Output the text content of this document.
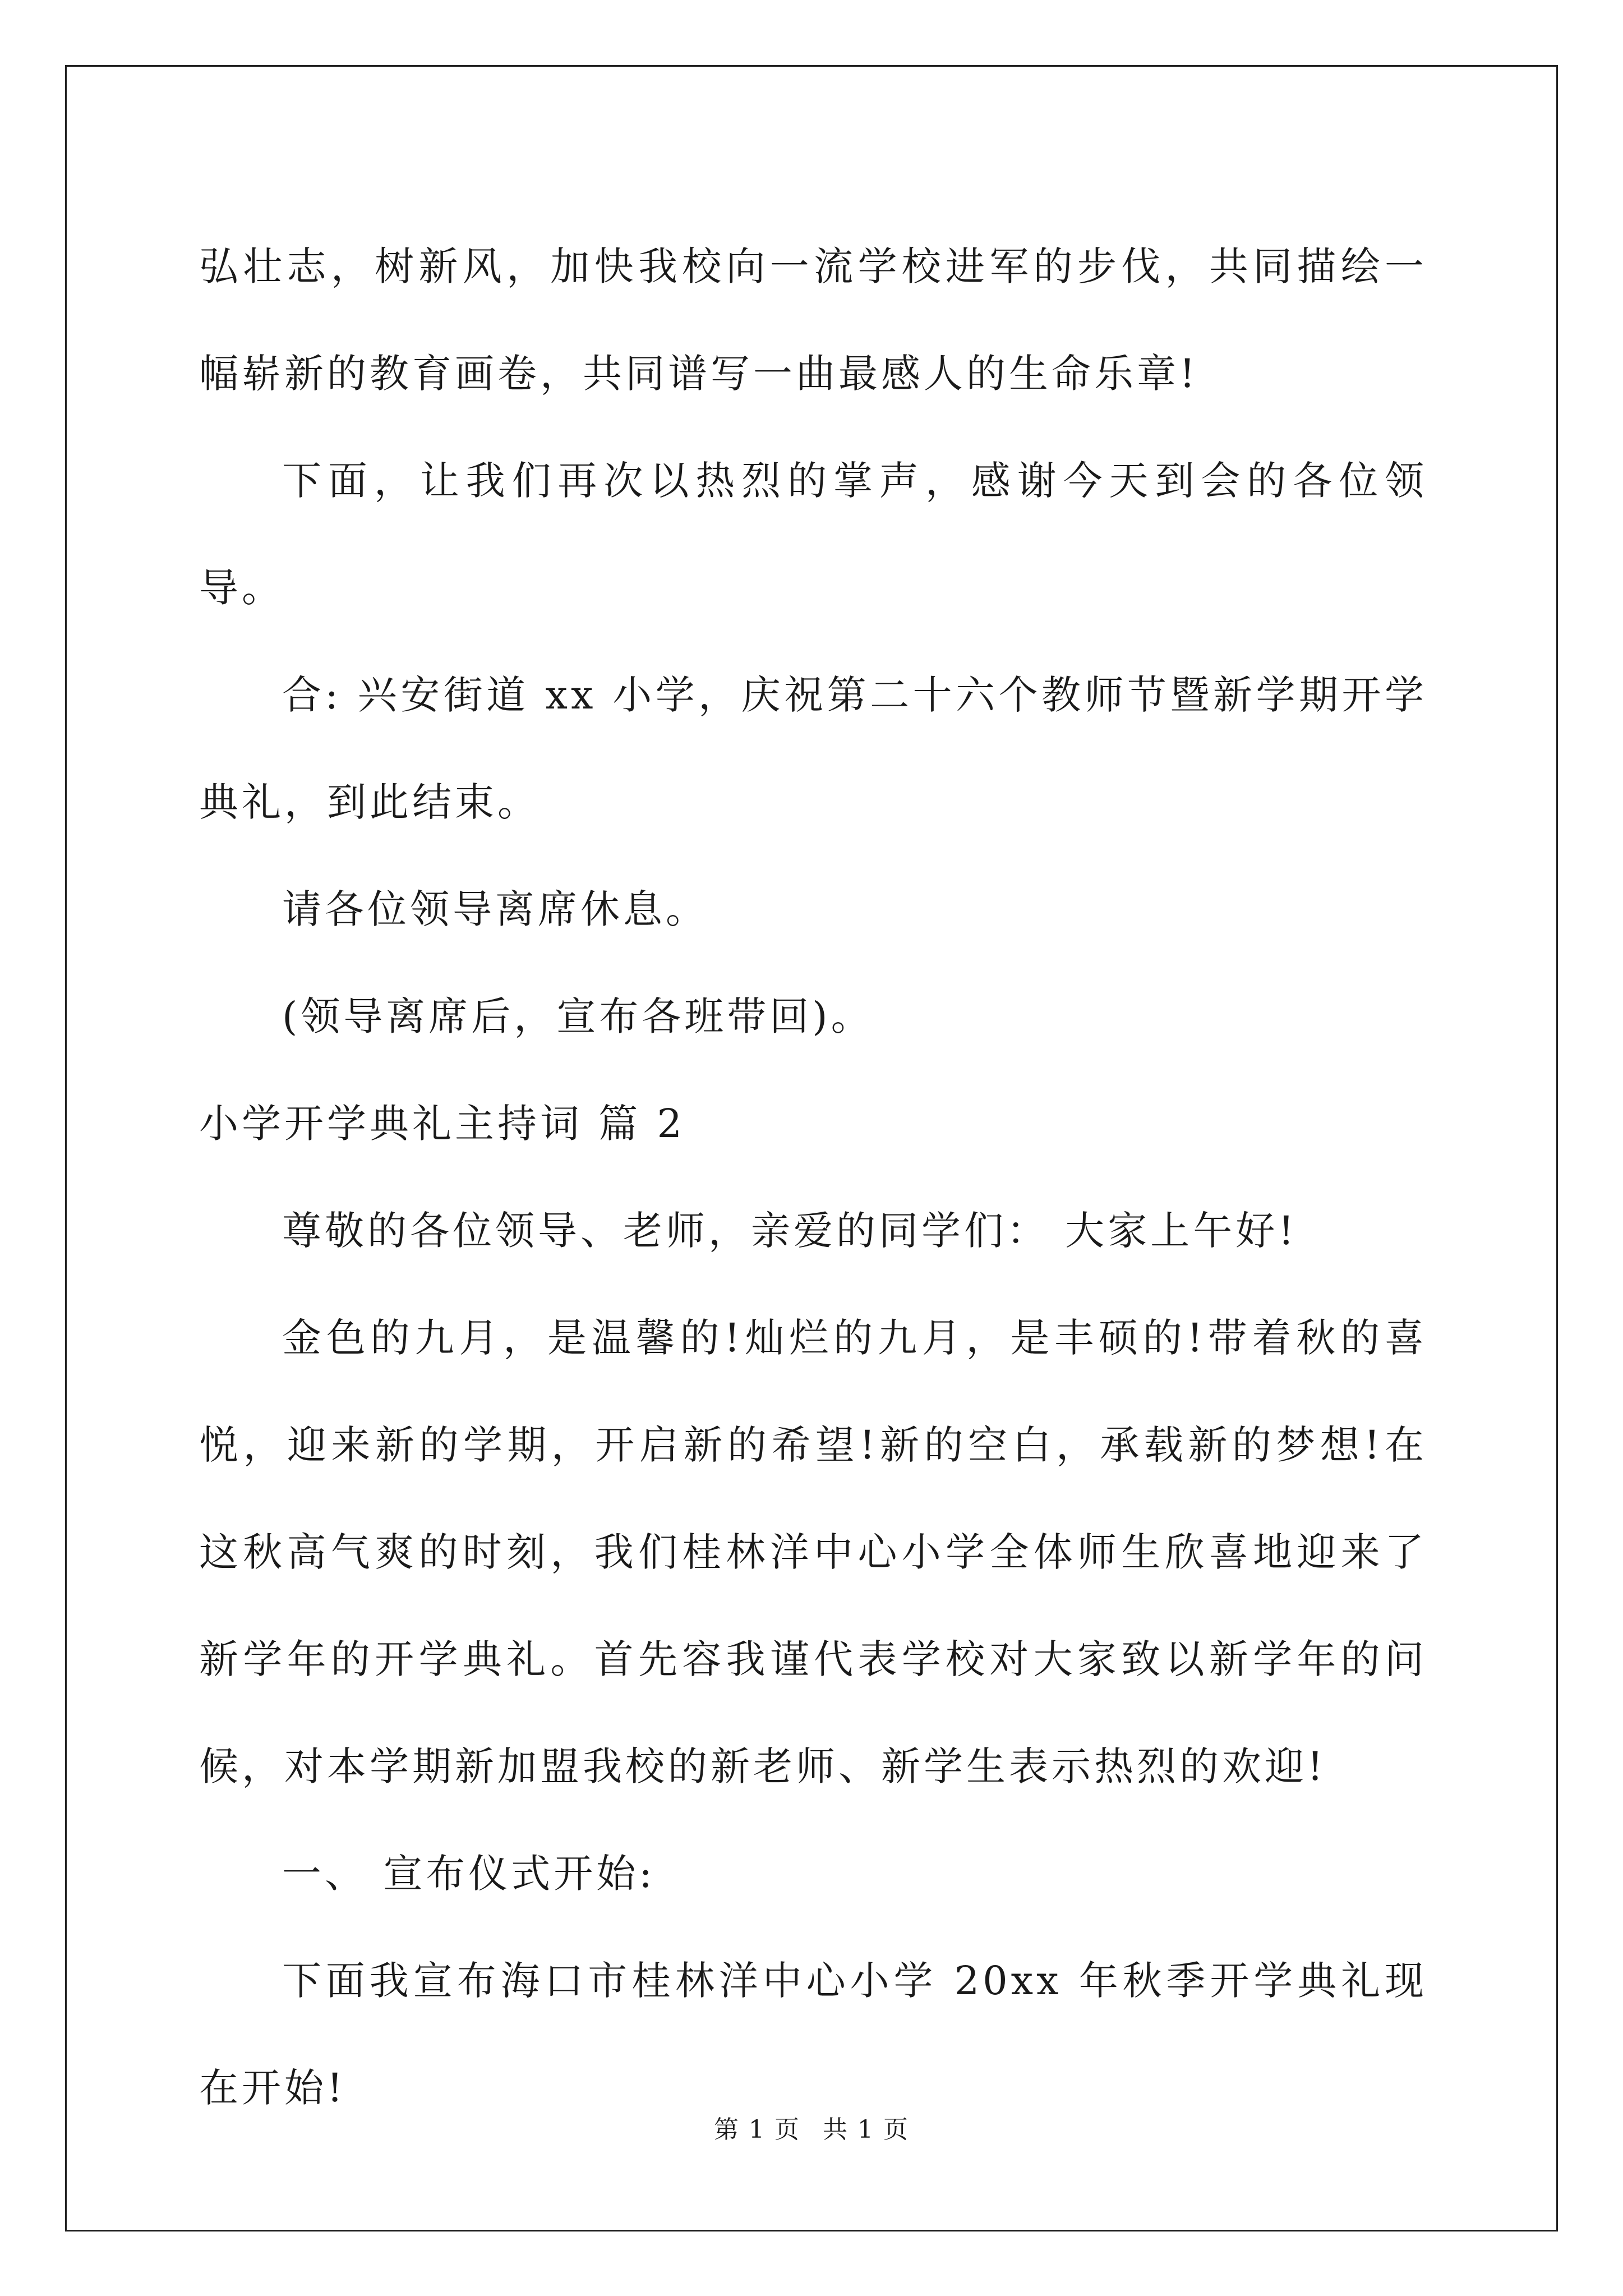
弘壮志，树新风，加快我校向一流学校进军的步伐，共同描绘一幅崭新的教育画卷，共同谱写一曲最感人的生命乐章!

下面，让我们再次以热烈的掌声，感谢今天到会的各位领导。

合: 兴安街道 xx 小学，庆祝第二十六个教师节暨新学期开学典礼，到此结束。

请各位领导离席休息。

(领导离席后，宣布各班带回)。

小学开学典礼主持词 篇 2

尊敬的各位领导、老师，亲爱的同学们： 大家上午好!

金色的九月，是温馨的!灿烂的九月，是丰硕的!带着秋的喜悦，迎来新的学期，开启新的希望!新的空白，承载新的梦想!在这秋高气爽的时刻，我们桂林洋中心小学全体师生欣喜地迎来了新学年的开学典礼。首先容我谨代表学校对大家致以新学年的问候，对本学期新加盟我校的新老师、新学生表示热烈的欢迎!

一、 宣布仪式开始:

下面我宣布海口市桂林洋中心小学 20xx 年秋季开学典礼现在开始!

第 1 页 共 1 页
